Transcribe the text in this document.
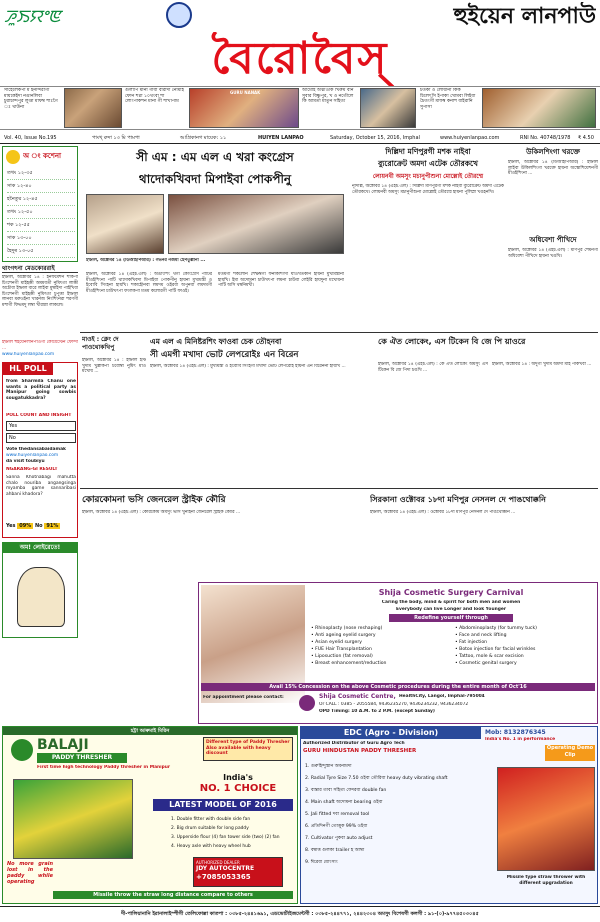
ꯍꯨꯏꯌꯦꯟ	হুইয়েন লানপাউ
বৈরোবৈস্
সাহেলেকপা ম ইনন্দিরাগী মায়কেইদা নঙানলিবা চুরাচান্দপুর লুপ্তা মাফম্ব শাঃগৈ ঃ থাউনা
গুলাপি মানা গাবা বারাদা নোঁমাই ফোন শগ্না ১০থংবা শা লোংপাকশন মানা গী শাখাপাম
GURU NANAK	আমোই অত্নীওকি খিরুম বান সুবার বিষ্ণুপুর, খ ও নতৌলে কি আমতা মাতুন সহিত্য
চতকা ও লোয়ানা কিক চিলেৎসি ইপাকা খোমবা লিইবা চৈতংগী মাফম্ব কনাশ বাইরানি সুপাসা
Vol. 40, Issue No.195	পাংখ্ রুদা ১৩ মি পামপা	আগ্রিকানগ মায়েক: ১১	HUIYEN LANPAO	Saturday, October 15, 2016, Imphal	www.huiyenlanpao.com	RNI No. 40748/1978 ₹ 4.50
অ ং কশেনা
তখং ১২-৩৫
সাক ১২-৪০
হনৈতুর ১২-৪৫
তখং ১২-৫০
শক ১২-৫৫
সাক ১৩-০০
হৈদুৰ ১৩-০৫
থাংগৎনা মেডকোররাই
ইম্ফাল, অক্টোবর ১৪ : ইনফর্মেশন শাকপা চিংশেনগী মাইহক্কী অমমবতী নুমিৎতা লাক্কী অচৌবা ইম্ফাল বারে লাইবা মুম্বাইদা পাইখিবা চিংশেনগী মাইহক্কী নুমিৎতা চুপুত্তা ইম্ফাল লানবা মরুওইনা খারনজ নিংশিংনরা শরণগী মশাগী ফিভমদু লম্বা খীরান্না লাকলে।
ইম্ফাল হুইয়েনলানপাওগী কোয়েস্টেন ফোন্দা ...
www.huiyenlanpao.com
HL POLL
from Sharmila Chanu one wants a political party as Manipur going sowbis sougatukkadra?
POLL COUNT AND INSIGHT
Yes
No
Vote thedansabaidamak
www.huiyenlanpao.com
da visit toubiyu
NGARANG-GI RESULT
Sanna Khotnabagi mahutta chalo nouriba angangsinga myamba game sannaribasi ahbani khadora?
Yes 09% No 91%
অম! লোইরেতে!
সী এম : এম এল এ খরা কংগ্রেস
থাদোকখিবদা মিপাইবা পোকপীনু
ইম্ফাল, অক্টোবর ১৪ (ডিআইপিআর) : গভর্নর নজমা হেপতুল্লানা ...
ইম্ফাল, অক্টোবর ১৪ (এইচ.এল) : অঙাংশিং থগী কোংগ্রেস পার্টির মীওইশিংনা পাটি থাদোকখিবদা মিপাইবা পোকপীনু হায়না মুখ্যমন্ত্রী ও ইবোবি সিংহনা হায়খি। শকাহৌনবা লমদম ওইরবা অপুনবা লমদমগী মীওইশিংনা চাউখৎপা ফংলকপা মতম কলোরগী পাটি ফাওই।
মতমগী শকলোন শেম্ফম্বগী ফনাকশিংদা যাওখতকনি হায়না মুখ্যমন্ত্রীনা হায়খি। ইমা অদোমনা চাউখৎপা লমনা চাউবা লেইরি হায়দুনা মখোয়না পাটি অসি থম্বনিমখী।
দিল্লিদা মণিপুরগী মশক নাইবা
ব্যুরোক্রেট অমদা এটেক তৌরকখে
লোয়নবী অমসুং মচানুপীশুনা মোল্লোই তৌরম্মে
নূদিল্লি, অক্টোবর ১৪ (এইচ.এল) : দিল্লিদা মণিপুরগী মশক নাইবা ব্যুরোক্রেট অমদা এটেক তৌরকখে। লোয়নবী অমসুং মচানুপীশুনা মোল্লোই তৌরম্মে হায়না পুলিস্না খঙহনখি।
উকিলশিংগা খরক্তে
ইম্ফাল, অক্টোবর ১৪ (ডিআইপিআর) : ইম্ফাল লাইবা উকিলশিংগা খরক্তে হায়না অস্কোশিয়েশনগী মীওইশিংনা ...
অধিবেশা পীখিদে
ইম্ফাল, অক্টোবর ১৪ (এইচ.এল) : মণিপুর শেমনগী অধিবেশা পীখিদে হায়না খঙখি।
মাওই : ক্লেং দে পাওথোকখিপু
ইম্ফাল, অক্টোবর ১৪ : ইম্ফাল ইস্ট খুদাম খুল্লাকপা চবোম্বা নুমিৎ মাও মখোয় ...
এম এল এ মিনিষ্টরশিং ফাওবা চেক তৌহনবা
সী এমগী মখাদা ভোট লেপরোইঃ এন বিরেন
ইম্ফাল, অক্টোবর ১৪ (এইচ.এল) : মুখ্যমন্ত্রী ও ইবোবি সিংহগী মখাদা ভোট লেপরোই হায়না এন বিরেননা হায়খি ...
কে ঐত লোকেং, এস টিকেন বি জে পি য়াওরে
ইম্ফাল, অক্টোবর ১৪ (এইচ.এল) : কে ঐত লোকেং অমসুং এস টিকেন বি জে পিদা চঙখি ...
ইম্ফাল, অক্টোবর ১৪ : অদুগী খুদাম অমদা মাই পাকখবা ...
কোরকোমনা ভসি জেনরেল স্ট্রাইক কৌরি
ইম্ফাল, অক্টোবর ১৪ (এইচ.এল) : কোরকোম অমসুং ভসি খুনাইনা জেনরেল স্ট্রাইক কৌরি ...
সিরকানা ওক্টোবর ১৮দা মণিপুর নেসনল দে পাঙথোক্কনি
ইম্ফাল, অক্টোবর ১৪ (এইচ.এল) : ওক্টোবর ১৮দা মণিপুর নেসনল দে পাঙথোক্কনি ...
Shija Cosmetic Surgery Carnival
Caring the body, mind & spirit for both men and women
Everybody can live Longer and look Younger
Redefine yourself through
• Rhinoplasty (nose reshaping)
• Anti ageing eyelid surgery
• Asian eyelid surgery
• FUE Hair Transplantation
• Liposuction (fat removal)
• Breast enhancement/reduction
• Abdominoplasty (for tummy tuck)
• Face and neck lifting
• Fat injection
• Botox injection for facial wrinkles
• Tattoo, mole & scar excision
• Cosmetic genital surgery
Avail 15% Concession on the above Cosmetic procedures during the entire month of Oct'16
For appointment please contact:	Shija Cosmetic Centre, HealthCity, Langol, Imphal-795004
Or CALL : 0385 - 2055584, 9436235270, 9436234232, 9436234072
OPD Timing: 10 A.M. to 2 P.M. (except Sunday)
হট্টা আৰুমাই মিরিন
BALAJI
PADDY THRESHER
First time high technology Paddy thresher in Manipur
Different type of Paddy Thresher Also available with heavy discount
India's
NO. 1 CHOICE
LATEST MODEL OF 2016
1. Double fitter with double side fan
2. Big drum suitable for long paddy
3. Upperside flour (4) fan tower side (two) (2) fan
4. Heavy axle with heavy wheel hub
No more grain lost in the paddy while operating
AUTHORIZED DEALER
JDY AUTOCENTRE
+7085053365
Missile throw the straw long distance compare to others
EDC (Agro - Division)
Authorized Distributor of Guru Agro Tech
GURU HINDUSTAN PADDY THRESHER
Mob: 8132876345
India's No. 1 in performance
Operating Demo Clip
1. গুরুহিন্দুস্তান অবনামদা
2. Radial Tyre Size 7.50 ওইবা তৌরিবা heavy duty vibrating shaft
3. বান্তার তাবা সহিত্য ফেদরবা double fan
4. Main shaft অদোমনা bearing ওইবা
5. Jali fitted দবা removal tool
6. প্রতিদিনগী তোত্তুক 99% ওইবা
7. Cultivator পুকবা auto adjust
8. বম্বাত্ত গুলকা trailer হ আম্বা
9. ঈরেবা যোংসাং
Missile type straw thrower with different upgradation
দী-পালিয়ানানি ইরানালাইম্পীগী তেলিফোল্লা কাতপা : ০৩৮৫-২৪৪১৬৯১, এডভোর্টাইজমেন্টগী : ০৩৮৫-২৪৪৭৭১, ২৪৪২৩০৪ অমসুং বিশেষগী কলগী : ৯১-(০)-৯৭৭৪৫০৩০৪৫
